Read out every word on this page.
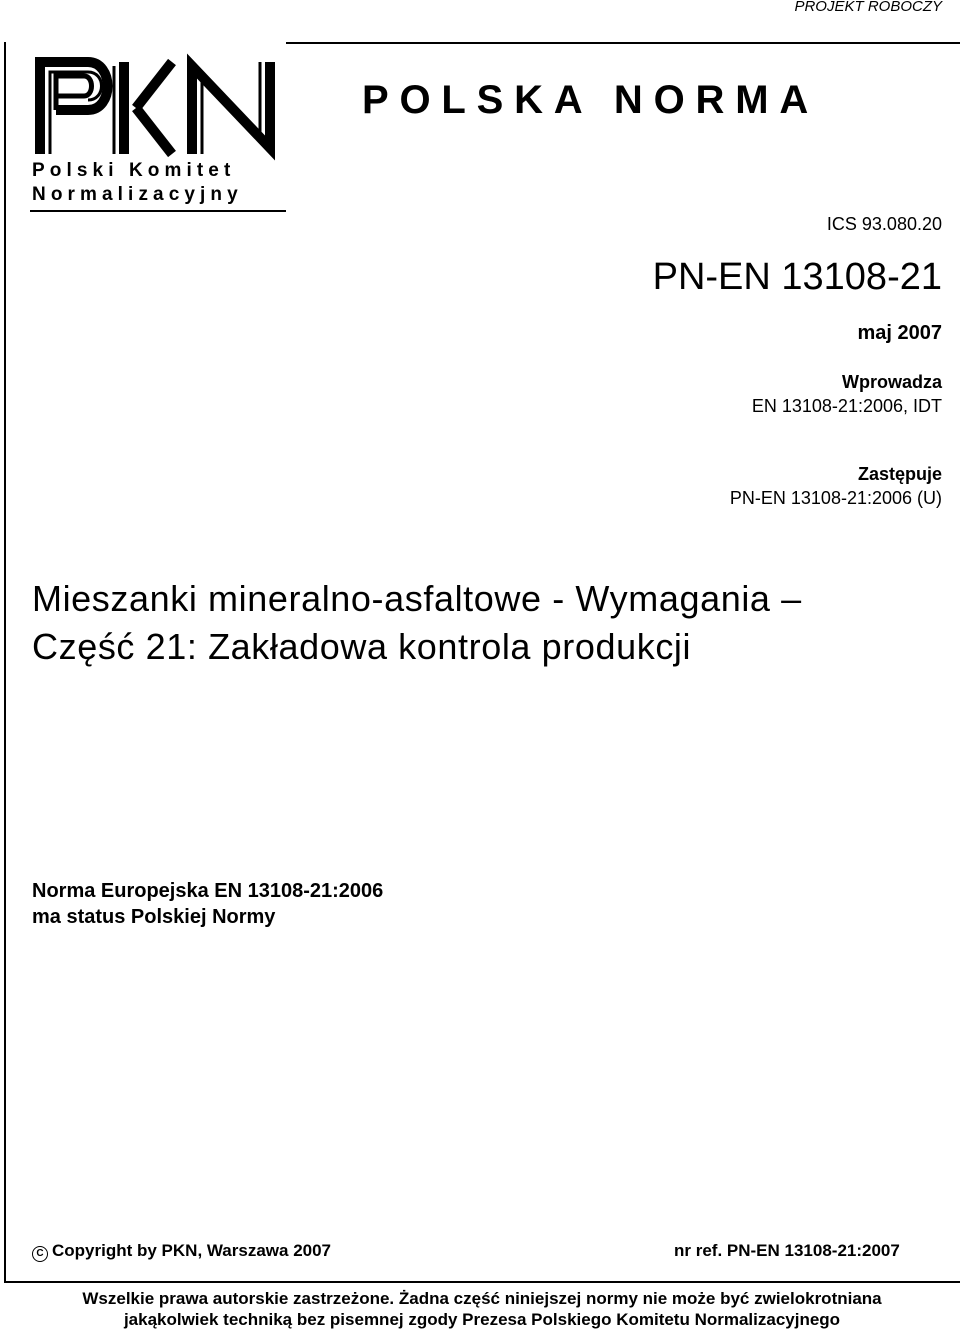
PROJEKT ROBOCZY
Polski Komitet
Normalizacyjny
POLSKA NORMA
ICS 93.080.20
PN-EN 13108-21
maj 2007
Wprowadza
EN 13108-21:2006, IDT
Zastępuje
PN-EN 13108-21:2006 (U)
Mieszanki mineralno-asfaltowe - Wymagania –
Część 21: Zakładowa kontrola produkcji
Norma Europejska EN 13108-21:2006
ma status Polskiej Normy
C Copyright by PKN, Warszawa 2007	nr ref. PN-EN 13108-21:2007
Wszelkie prawa autorskie zastrzeżone. Żadna część niniejszej normy nie może być zwielokrotniana
jakąkolwiek techniką bez pisemnej zgody Prezesa Polskiego Komitetu Normalizacyjnego
